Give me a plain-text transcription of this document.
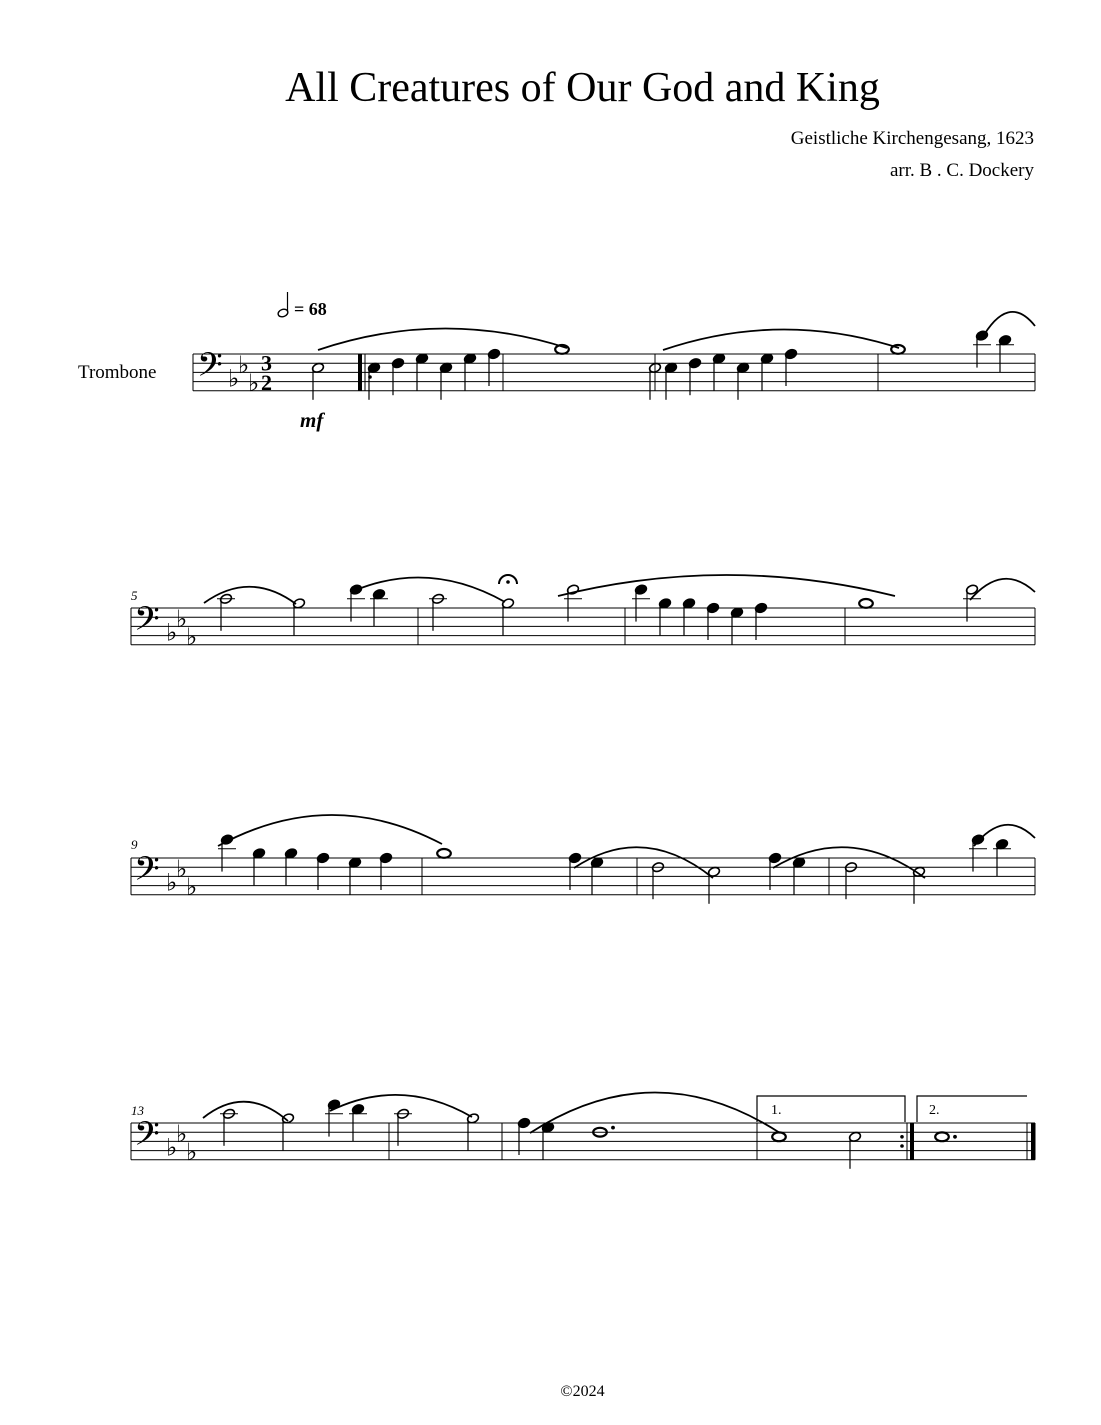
All Creatures of Our God and King
Geistliche Kirchengesang, 1623
arr. B . C. Dockery
Trombone
= 68
mf
5
9
13	1.	2.
𝄢 ♭
♭
♭
3
2
𝄢 ♭
♭
♭
𝄢 ♭
♭
♭
𝄢 ♭
♭
♭
©2024
